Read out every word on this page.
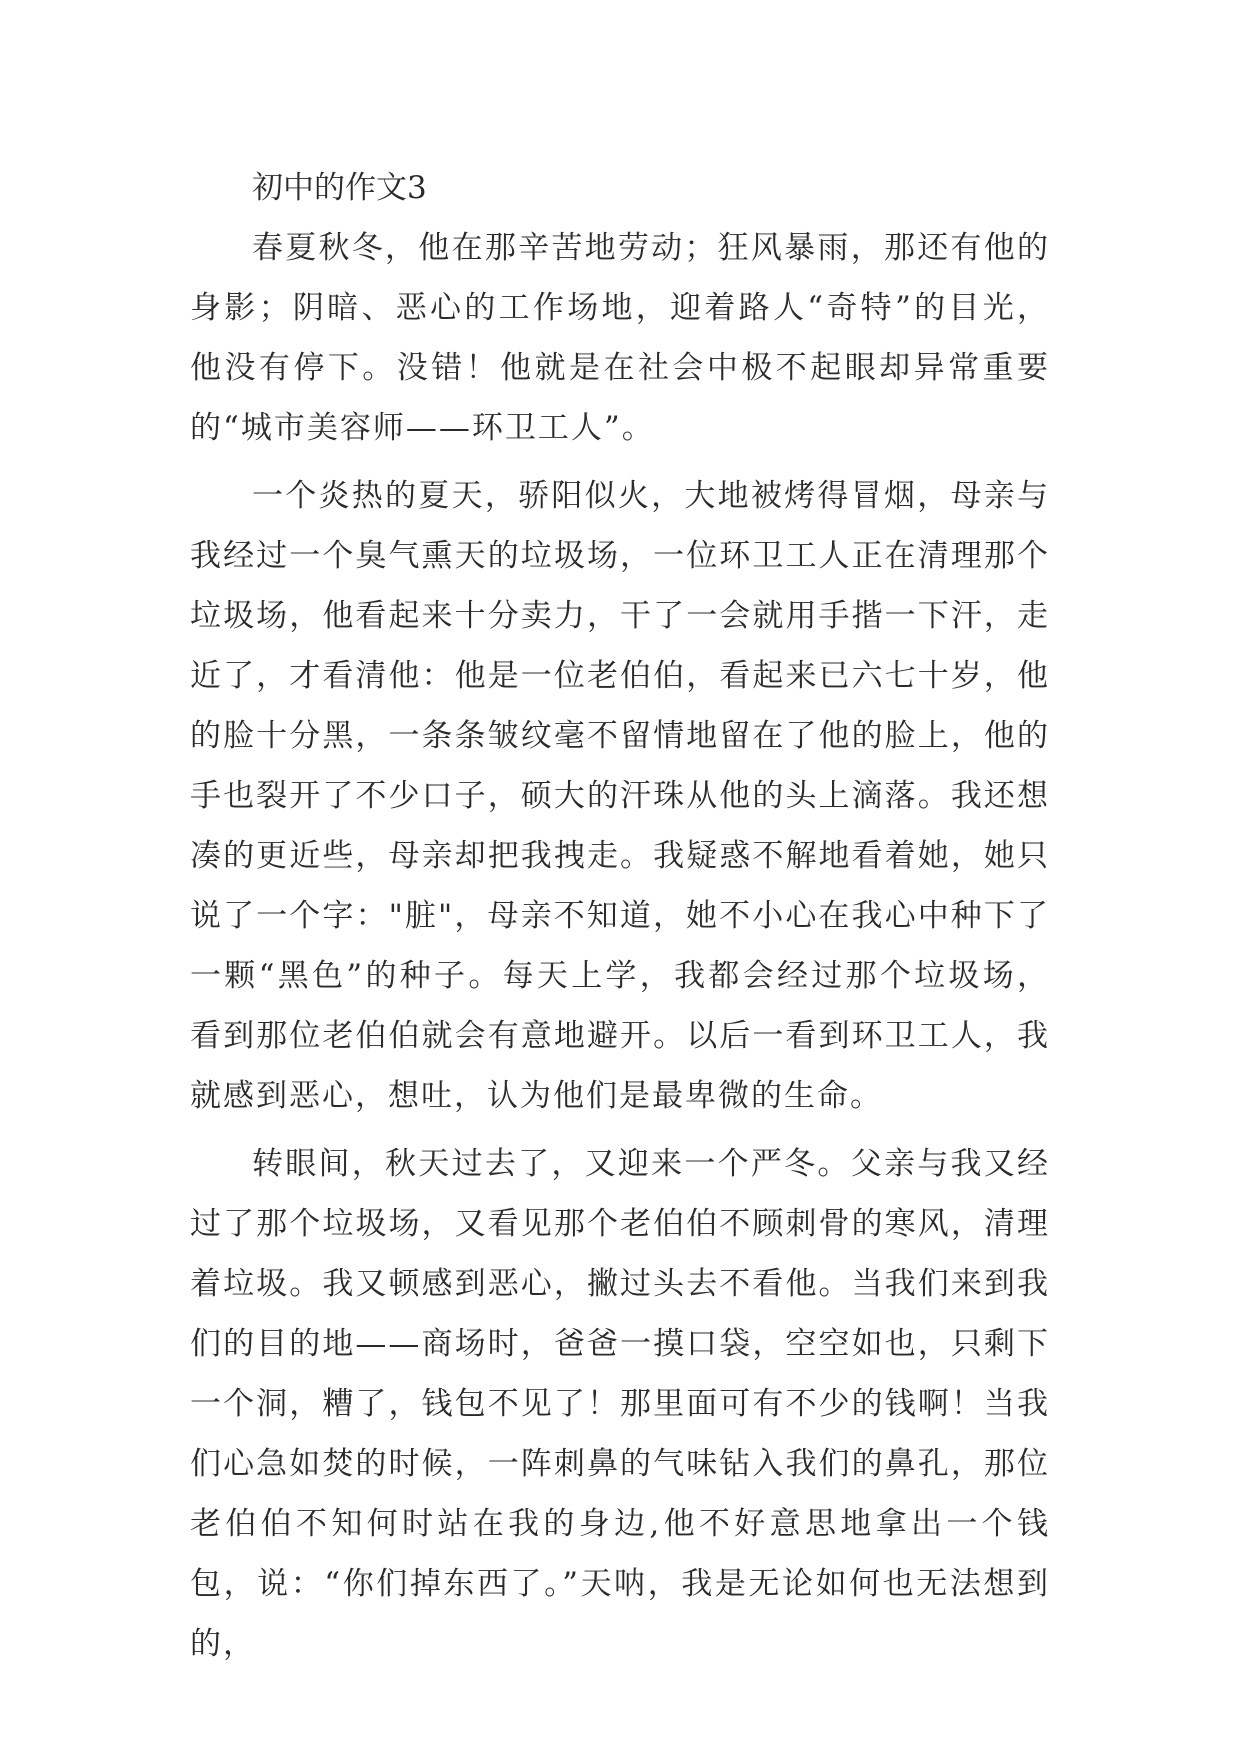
初中的作文3

春夏秋冬，他在那辛苦地劳动；狂风暴雨，那还有他的身影；阴暗、恶心的工作场地，迎着路人“奇特”的目光，他没有停下。没错！他就是在社会中极不起眼却异常重要的“城市美容师——环卫工人”。

一个炎热的夏天，骄阳似火，大地被烤得冒烟，母亲与我经过一个臭气熏天的垃圾场，一位环卫工人正在清理那个垃圾场，他看起来十分卖力，干了一会就用手揩一下汗，走近了，才看清他：他是一位老伯伯，看起来已六七十岁，他的脸十分黑，一条条皱纹毫不留情地留在了他的脸上，他的手也裂开了不少口子，硕大的汗珠从他的头上滴落。我还想凑的更近些，母亲却把我拽走。我疑惑不解地看着她，她只说了一个字："脏"，母亲不知道，她不小心在我心中种下了一颗“黑色”的种子。每天上学，我都会经过那个垃圾场，看到那位老伯伯就会有意地避开。以后一看到环卫工人，我就感到恶心，想吐，认为他们是最卑微的生命。

转眼间，秋天过去了，又迎来一个严冬。父亲与我又经过了那个垃圾场，又看见那个老伯伯不顾刺骨的寒风，清理着垃圾。我又顿感到恶心，撇过头去不看他。当我们来到我们的目的地——商场时，爸爸一摸口袋，空空如也，只剩下一个洞，糟了，钱包不见了！那里面可有不少的钱啊！当我们心急如焚的时候，一阵刺鼻的气味钻入我们的鼻孔，那位老伯伯不知何时站在我的身边,他不好意思地拿出一个钱包，说：“你们掉东西了。”天呐，我是无论如何也无法想到的，
